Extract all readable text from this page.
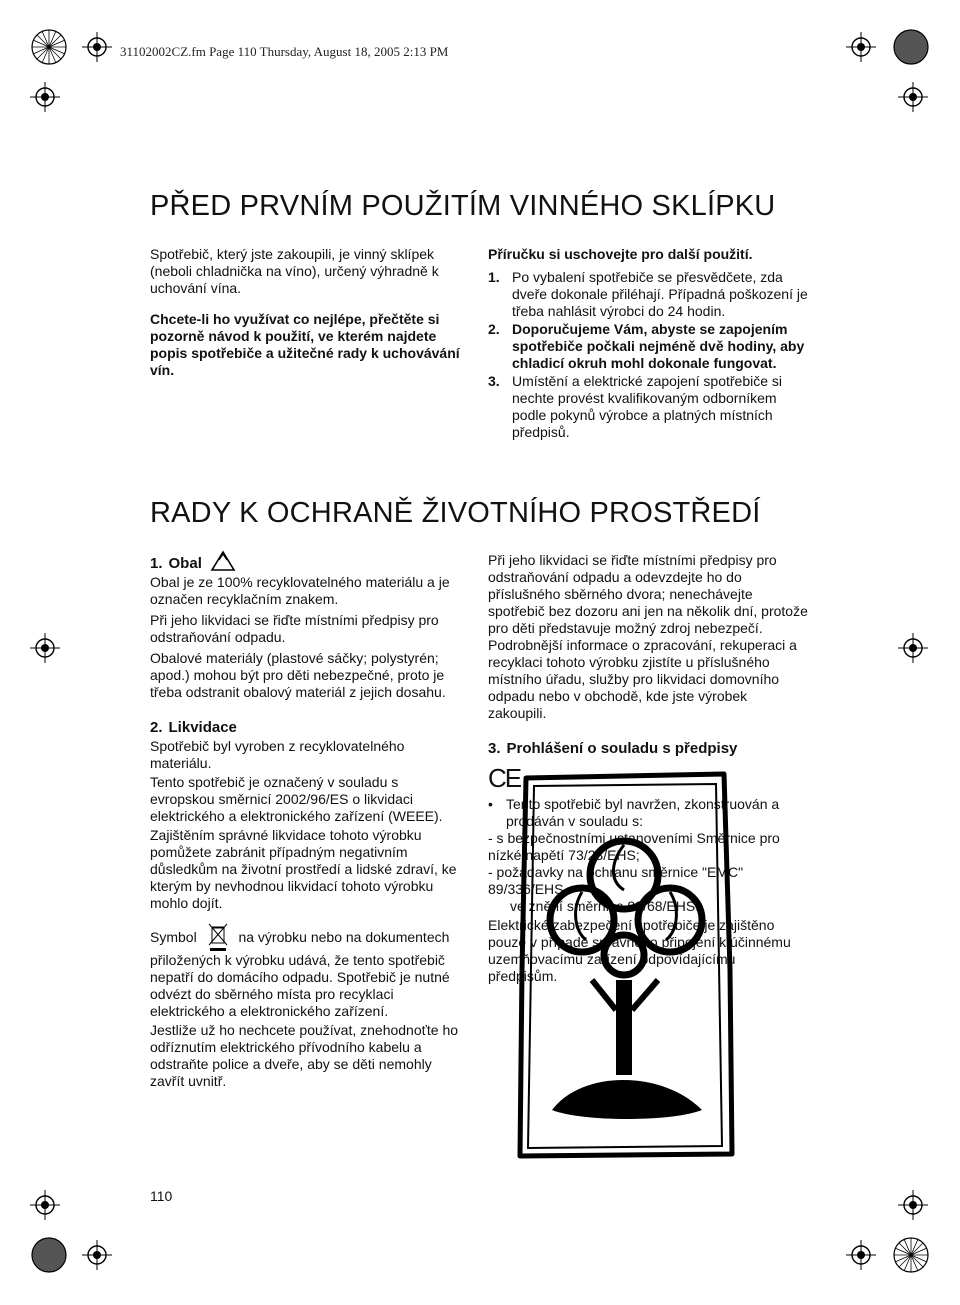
31102002CZ.fm Page 110 Thursday, August 18, 2005 2:13 PM
PŘED PRVNÍM POUŽITÍM VINNÉHO SKLÍPKU
Spotřebič, který jste zakoupili, je vinný sklípek (neboli chladnička na víno), určený výhradně k uchování vína.
Chcete-li ho využívat co nejlépe, přečtěte si pozorně návod k použití, ve kterém najdete popis spotřebiče a užitečné rady k uchovávání vín.
Příručku si uschovejte pro další použití.
1. Po vybalení spotřebiče se přesvědčete, zda dveře dokonale přiléhají. Případná poškození je třeba nahlásit výrobci do 24 hodin.
2. Doporučujeme Vám, abyste se zapojením spotřebiče počkali nejméně dvě hodiny, aby chladicí okruh mohl dokonale fungovat.
3. Umístění a elektrické zapojení spotřebiče si nechte provést kvalifikovaným odborníkem podle pokynů výrobce a platných místních předpisů.
RADY K OCHRANĚ ŽIVOTNÍHO PROSTŘEDÍ
1. Obal
Obal je ze 100% recyklovatelného materiálu a je označen recyklačním znakem.
Při jeho likvidaci se řiďte místními předpisy pro odstraňování odpadu.
Obalové materiály (plastové sáčky; polystyrén; apod.) mohou být pro děti nebezpečné, proto je třeba odstranit obalový materiál z jejich dosahu.
2. Likvidace
Spotřebič byl vyroben z recyklovatelného materiálu.
Tento spotřebič je označený v souladu s evropskou směrnicí 2002/96/ES o likvidaci elektrického a elektronického zařízení (WEEE).
Zajištěním správné likvidace tohoto výrobku pomůžete zabránit případným negativním důsledkům na životní prostředí a lidské zdraví, ke kterým by nevhodnou likvidací tohoto výrobku mohlo dojít.
Symbol	na výrobku nebo na dokumentech přiložených k výrobku udává, že tento spotřebič nepatří do domácího odpadu. Spotřebič je nutné odvézt do sběrného místa pro recyklaci elektrického a elektronického zařízení.
Jestliže už ho nechcete používat, znehodnoťte ho odříznutím elektrického přívodního kabelu a odstraňte police a dveře, aby se děti nemohly zavřít uvnitř.
Při jeho likvidaci se řiďte místními předpisy pro odstraňování odpadu a odevzdejte ho do příslušného sběrného dvora; nenechávejte spotřebič bez dozoru ani jen na několik dní, protože pro děti představuje možný zdroj nebezpečí. Podrobnější informace o zpracování, rekuperaci a recyklaci tohoto výrobku zjistíte u příslušného místního úřadu, služby pro likvidaci domovního odpadu nebo v obchodě, kde jste výrobek zakoupili.
3. Prohlášení o souladu s předpisy
CE
• Tento spotřebič byl navržen, zkonstruován a prodáván v souladu s:
- s bezpečnostními ustanoveními Směrnice pro nízké napětí 73/23/EHS;
- požadavky na ochranu směrnice "EMC" 89/336/EHS
ve znění směrnice 93/68/EHS.
Elektrické zabezpečení spotřebiče je zajištěno pouze v případě správného připojení k účinnému uzemňovacímu zařízení odpovídajícímu předpisům.
110
